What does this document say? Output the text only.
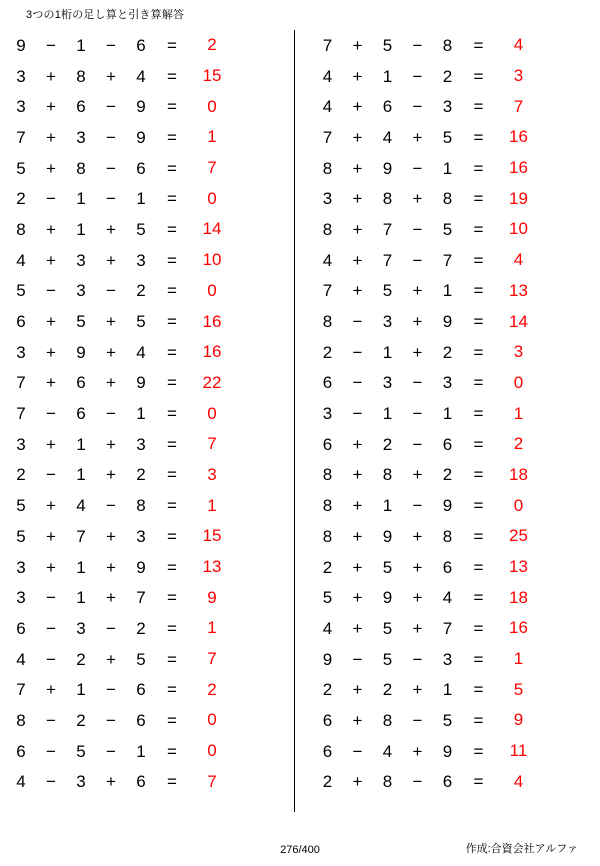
3つの1桁の足し算と引き算解答
9	−	1	−	6	=	2
3	+	8	+	4	=	15
3	+	6	−	9	=	0
7	+	3	−	9	=	1
5	+	8	−	6	=	7
2	−	1	−	1	=	0
8	+	1	+	5	=	14
4	+	3	+	3	=	10
5	−	3	−	2	=	0
6	+	5	+	5	=	16
3	+	9	+	4	=	16
7	+	6	+	9	=	22
7	−	6	−	1	=	0
3	+	1	+	3	=	7
2	−	1	+	2	=	3
5	+	4	−	8	=	1
5	+	7	+	3	=	15
3	+	1	+	9	=	13
3	−	1	+	7	=	9
6	−	3	−	2	=	1
4	−	2	+	5	=	7
7	+	1	−	6	=	2
8	−	2	−	6	=	0
6	−	5	−	1	=	0
4	−	3	+	6	=	7
7	+	5	−	8	=	4
4	+	1	−	2	=	3
4	+	6	−	3	=	7
7	+	4	+	5	=	16
8	+	9	−	1	=	16
3	+	8	+	8	=	19
8	+	7	−	5	=	10
4	+	7	−	7	=	4
7	+	5	+	1	=	13
8	−	3	+	9	=	14
2	−	1	+	2	=	3
6	−	3	−	3	=	0
3	−	1	−	1	=	1
6	+	2	−	6	=	2
8	+	8	+	2	=	18
8	+	1	−	9	=	0
8	+	9	+	8	=	25
2	+	5	+	6	=	13
5	+	9	+	4	=	18
4	+	5	+	7	=	16
9	−	5	−	3	=	1
2	+	2	+	1	=	5
6	+	8	−	5	=	9
6	−	4	+	9	=	11
2	+	8	−	6	=	4
276/400	作成:合資会社アルファ
